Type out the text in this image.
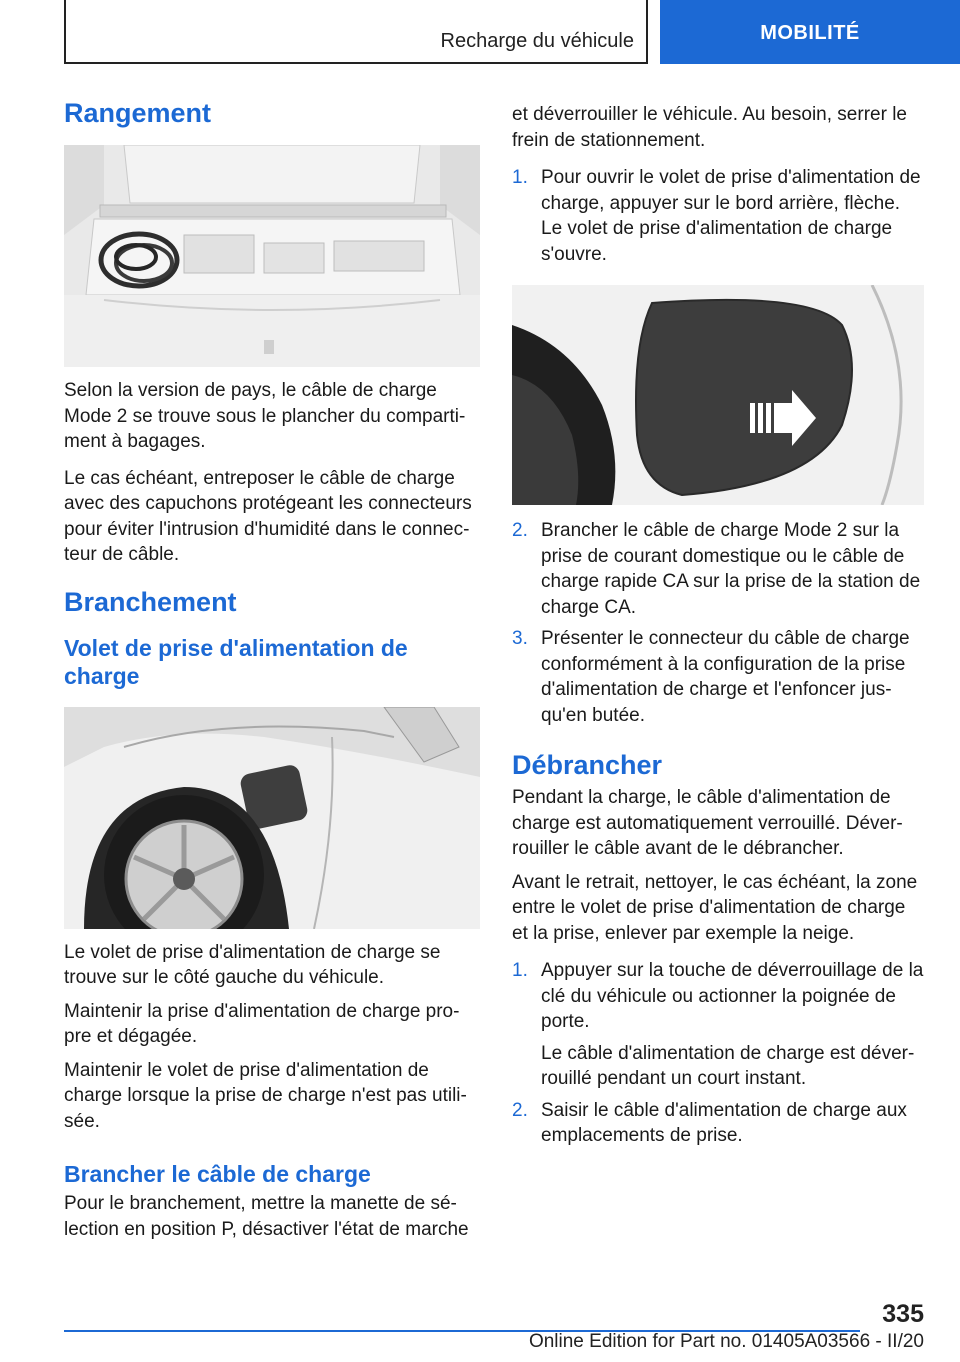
Recharge du véhicule	MOBILITÉ
Rangement

Selon la version de pays, le câble de charge Mode 2 se trouve sous le plancher du compartiment à bagages.

Le cas échéant, entreposer le câble de charge avec des capuchons protégeant les connecteurs pour éviter l'intrusion d'humidité dans le connecteur de câble.

Branchement
Volet de prise d'alimentation de charge

Le volet de prise d'alimentation de charge se trouve sur le côté gauche du véhicule.

Maintenir la prise d'alimentation de charge propre et dégagée.

Maintenir le volet de prise d'alimentation de charge lorsque la prise de charge n'est pas utilisée.

Brancher le câble de charge

Pour le branchement, mettre la manette de sélection en position P, désactiver l'état de marche

et déverrouiller le véhicule. Au besoin, serrer le frein de stationnement.

1. Pour ouvrir le volet de prise d'alimentation de charge, appuyer sur le bord arrière, flèche. Le volet de prise d'alimentation de charge s'ouvre.
2. Brancher le câble de charge Mode 2 sur la prise de courant domestique ou le câble de charge rapide CA sur la prise de la station de charge CA.
3. Présenter le connecteur du câble de charge conformément à la configuration de la prise d'alimentation de charge et l'enfoncer jusqu'en butée.
Débrancher

Pendant la charge, le câble d'alimentation de charge est automatiquement verrouillé. Déverrouiller le câble avant de le débrancher.

Avant le retrait, nettoyer, le cas échéant, la zone entre le volet de prise d'alimentation de charge et la prise, enlever par exemple la neige.

1. Appuyer sur la touche de déverrouillage de la clé du véhicule ou actionner la poignée de porte.
Le câble d'alimentation de charge est déverrouillé pendant un court instant.
2. Saisir le câble d'alimentation de charge aux emplacements de prise.
335
Online Edition for Part no. 01405A03566 - II/20
